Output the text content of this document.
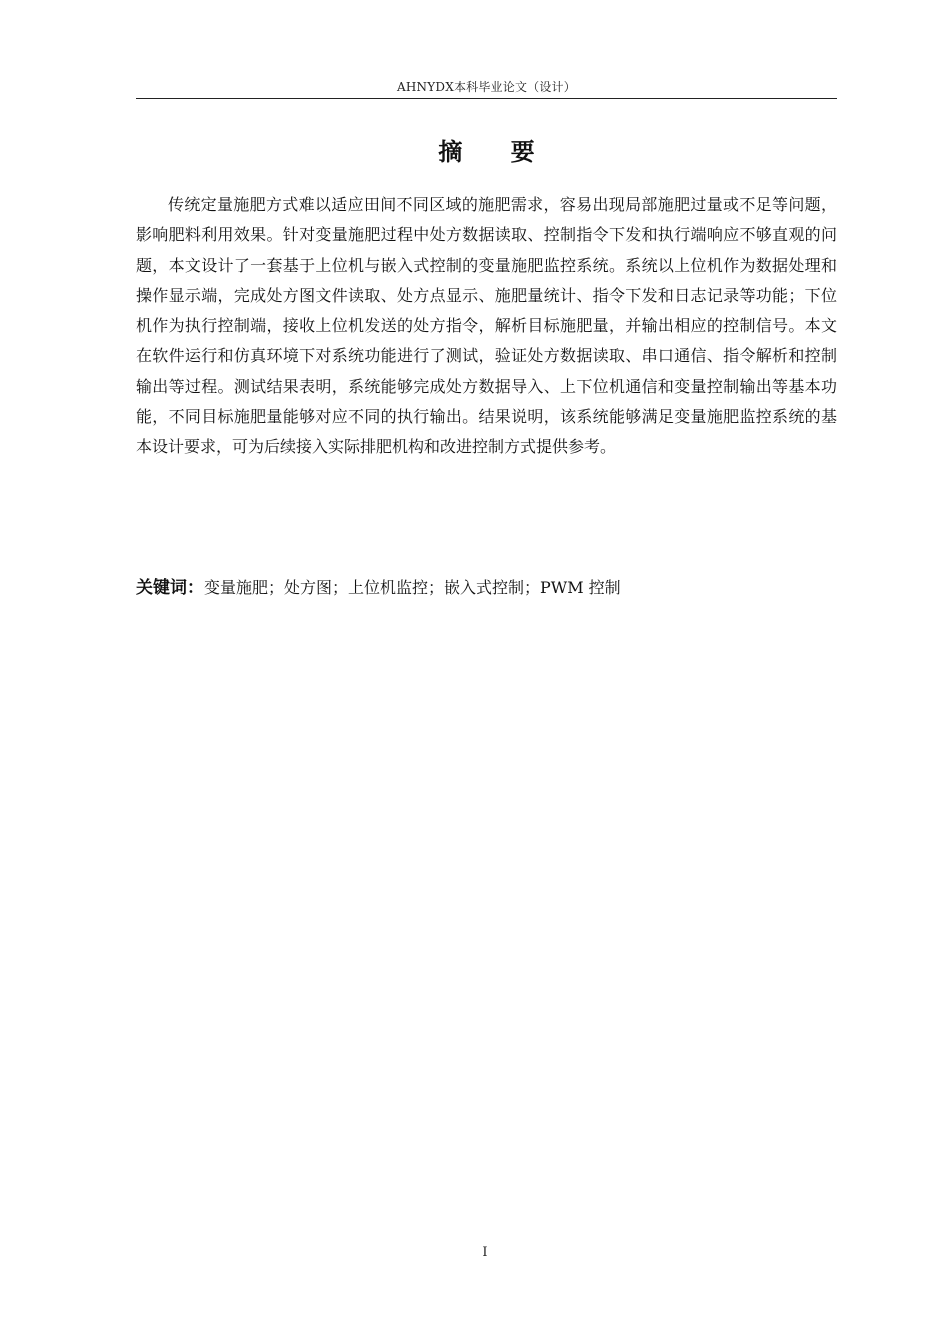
AHNYDX本科毕业论文（设计）
摘 要

传统定量施肥方式难以适应田间不同区域的施肥需求，容易出现局部施肥过量或不足等问题，影响肥料利用效果。针对变量施肥过程中处方数据读取、控制指令下发和执行端响应不够直观的问题，本文设计了一套基于上位机与嵌入式控制的变量施肥监控系统。系统以上位机作为数据处理和操作显示端，完成处方图文件读取、处方点显示、施肥量统计、指令下发和日志记录等功能；下位机作为执行控制端，接收上位机发送的处方指令，解析目标施肥量，并输出相应的控制信号。本文在软件运行和仿真环境下对系统功能进行了测试，验证处方数据读取、串口通信、指令解析和控制输出等过程。测试结果表明，系统能够完成处方数据导入、上下位机通信和变量控制输出等基本功能，不同目标施肥量能够对应不同的执行输出。结果说明，该系统能够满足变量施肥监控系统的基本设计要求，可为后续接入实际排肥机构和改进控制方式提供参考。

关键词：变量施肥；处方图；上位机监控；嵌入式控制；PWM 控制
I
